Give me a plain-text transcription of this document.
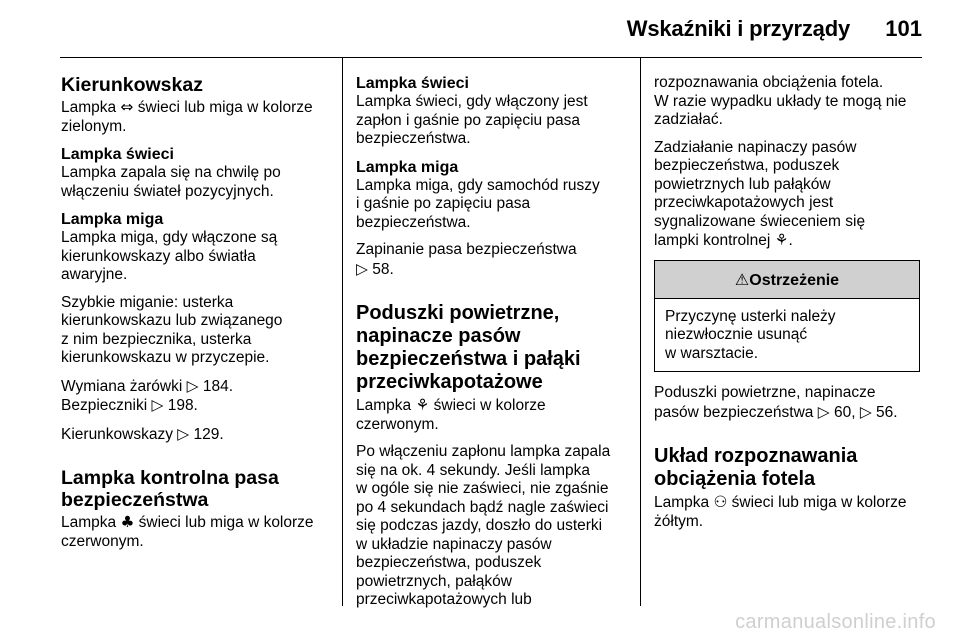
Wskaźniki i przyrządy 101
Kierunkowskaz

Lampka ⇔ świeci lub miga w kolorze zielonym.

Lampka świeci

Lampka zapala się na chwilę po
włączeniu świateł pozycyjnych.

Lampka miga

Lampka miga, gdy włączone są
kierunkowskazy albo światła
awaryjne.

Szybkie miganie: usterka
kierunkowskazu lub związanego
z nim bezpiecznika, usterka
kierunkowskazu w przyczepie.

Wymiana żarówki ▷ 184.
Bezpieczniki ▷ 198.

Kierunkowskazy ▷ 129.

Lampka kontrolna pasa
bezpieczeństwa

Lampka ♣ świeci lub miga w kolorze
czerwonym.

Lampka świeci

Lampka świeci, gdy włączony jest
zapłon i gaśnie po zapięciu pasa
bezpieczeństwa.

Lampka miga

Lampka miga, gdy samochód ruszy
i gaśnie po zapięciu pasa
bezpieczeństwa.

Zapinanie pasa bezpieczeństwa
▷ 58.

Poduszki powietrzne,
napinacze pasów
bezpieczeństwa i pałąki
przeciwkapotażowe

Lampka ⚘ świeci w kolorze
czerwonym.

Po włączeniu zapłonu lampka zapala
się na ok. 4 sekundy. Jeśli lampka
w ogóle się nie zaświeci, nie zgaśnie
po 4 sekundach bądź nagle zaświeci
się podczas jazdy, doszło do usterki
w układzie napinaczy pasów
bezpieczeństwa, poduszek
powietrznych, pałąków
przeciwkapotażowych lub

rozpoznawania obciążenia fotela.
W razie wypadku układy te mogą nie
zadziałać.

Zadziałanie napinaczy pasów
bezpieczeństwa, poduszek
powietrznych lub pałąków
przeciwkapotażowych jest
sygnalizowane świeceniem się
lampki kontrolnej ⚘.

⚠Ostrzeżenie
Przyczynę usterki należy
niezwłocznie usunąć
w warsztacie.

Poduszki powietrzne, napinacze
pasów bezpieczeństwa ▷ 60, ▷ 56.

Układ rozpoznawania
obciążenia fotela

Lampka ⚇ świeci lub miga w kolorze
żółtym.

carmanualsonline.info
